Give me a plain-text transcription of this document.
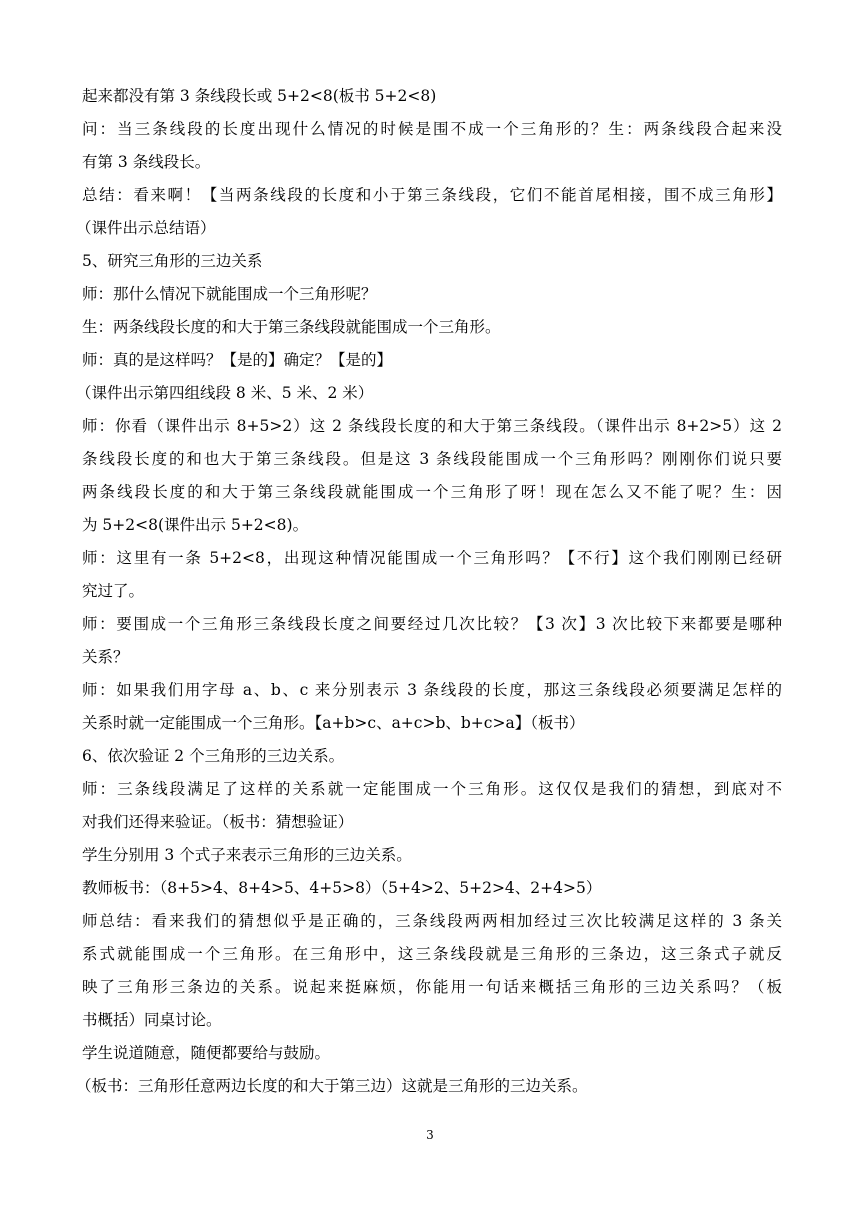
起来都没有第 3 条线段长或 5+2<8(板书 5+2<8)
问：当三条线段的长度出现什么情况的时候是围不成一个三角形的？生：两条线段合起来没
有第 3 条线段长。
总结：看来啊！【当两条线段的长度和小于第三条线段，它们不能首尾相接，围不成三角形】
（课件出示总结语）
5、研究三角形的三边关系
师：那什么情况下就能围成一个三角形呢？
生：两条线段长度的和大于第三条线段就能围成一个三角形。
师：真的是这样吗？【是的】确定？【是的】
（课件出示第四组线段 8 米、5 米、2 米）
师：你看（课件出示 8+5>2）这 2 条线段长度的和大于第三条线段。（课件出示 8+2>5）这 2
条线段长度的和也大于第三条线段。但是这 3 条线段能围成一个三角形吗？刚刚你们说只要
两条线段长度的和大于第三条线段就能围成一个三角形了呀！现在怎么又不能了呢？生：因
为 5+2<8(课件出示 5+2<8)。
师：这里有一条 5+2<8，出现这种情况能围成一个三角形吗？【不行】这个我们刚刚已经研
究过了。
师：要围成一个三角形三条线段长度之间要经过几次比较？【3 次】3 次比较下来都要是哪种
关系？
师：如果我们用字母 a、b、c 来分别表示 3 条线段的长度，那这三条线段必须要满足怎样的
关系时就一定能围成一个三角形。【a+b>c、a+c>b、b+c>a】（板书）
6、依次验证 2 个三角形的三边关系。
师：三条线段满足了这样的关系就一定能围成一个三角形。这仅仅是我们的猜想，到底对不
对我们还得来验证。（板书：猜想验证）
学生分别用 3 个式子来表示三角形的三边关系。
教师板书：（8+5>4、8+4>5、4+5>8）（5+4>2、5+2>4、2+4>5）
师总结：看来我们的猜想似乎是正确的，三条线段两两相加经过三次比较满足这样的 3 条关
系式就能围成一个三角形。在三角形中，这三条线段就是三角形的三条边，这三条式子就反
映了三角形三条边的关系。说起来挺麻烦，你能用一句话来概括三角形的三边关系吗？（板
书概括）同桌讨论。
学生说道随意，随便都要给与鼓励。
（板书：三角形任意两边长度的和大于第三边）这就是三角形的三边关系。
3
